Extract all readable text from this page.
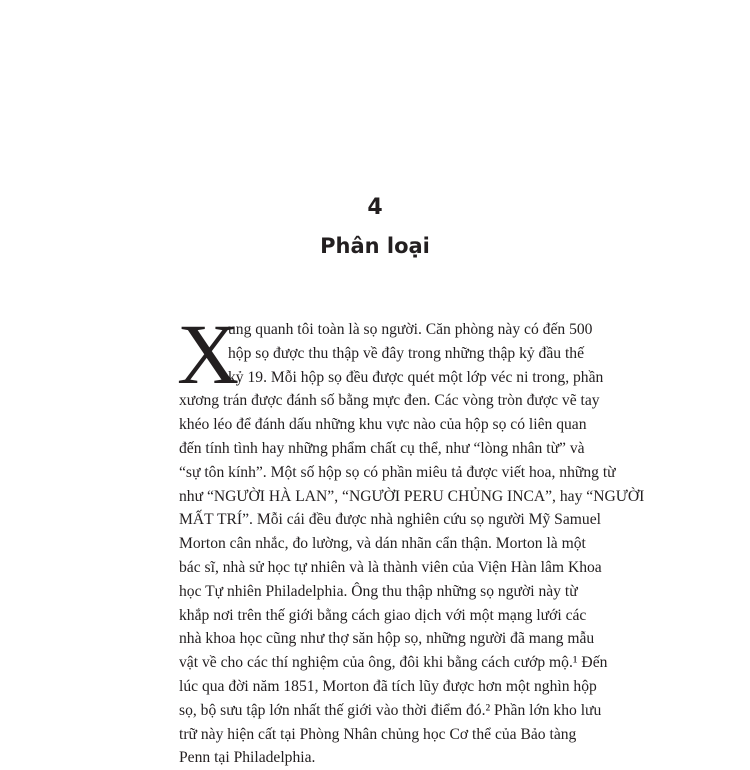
4
Phân loại
X
ung quanh tôi toàn là sọ người. Căn phòng này có đến 500
hộp sọ được thu thập về đây trong những thập kỷ đầu thế
kỷ 19. Mỗi hộp sọ đều được quét một lớp véc ni trong, phần
xương trán được đánh số bằng mực đen. Các vòng tròn được vẽ tay
khéo léo để đánh dấu những khu vực nào của hộp sọ có liên quan
đến tính tình hay những phẩm chất cụ thể, như “lòng nhân từ” và
“sự tôn kính”. Một số hộp sọ có phần miêu tả được viết hoa, những từ
như “NGƯỜI HÀ LAN”, “NGƯỜI PERU CHỦNG INCA”, hay “NGƯỜI
MẤT TRÍ”. Mỗi cái đều được nhà nghiên cứu sọ người Mỹ Samuel
Morton cân nhắc, đo lường, và dán nhãn cẩn thận. Morton là một
bác sĩ, nhà sử học tự nhiên và là thành viên của Viện Hàn lâm Khoa
học Tự nhiên Philadelphia. Ông thu thập những sọ người này từ
khắp nơi trên thế giới bằng cách giao dịch với một mạng lưới các
nhà khoa học cũng như thợ săn hộp sọ, những người đã mang mẫu
vật về cho các thí nghiệm của ông, đôi khi bằng cách cướp mộ.¹ Đến
lúc qua đời năm 1851, Morton đã tích lũy được hơn một nghìn hộp
sọ, bộ sưu tập lớn nhất thế giới vào thời điểm đó.² Phần lớn kho lưu
trữ này hiện cất tại Phòng Nhân chủng học Cơ thể của Bảo tàng
Penn tại Philadelphia.
